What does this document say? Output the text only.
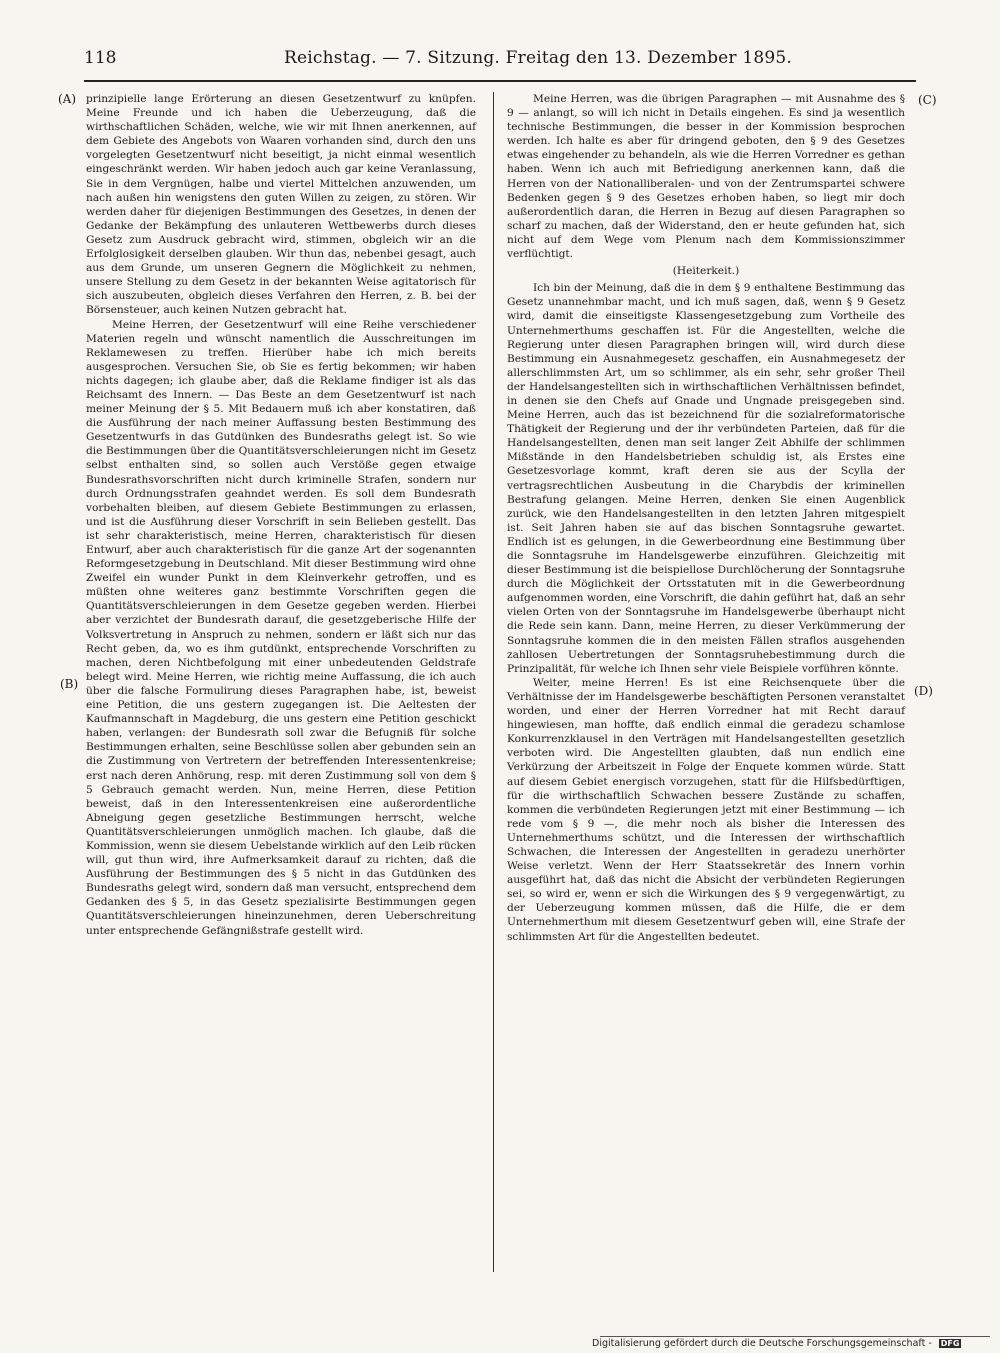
118	Reichstag. — 7. Sitzung. Freitag den 13. Dezember 1895.
(A)
(B)
(C)
(D)

prinzipielle lange Erörterung an diesen Gesetzentwurf zu knüpfen. Meine Freunde und ich haben die Ueberzeugung, daß die wirthschaftlichen Schäden, welche, wie wir mit Ihnen anerkennen, auf dem Gebiete des Angebots von Waaren vorhanden sind, durch den uns vorgelegten Gesetzentwurf nicht beseitigt, ja nicht einmal wesentlich eingeschränkt werden. Wir haben jedoch auch gar keine Veranlassung, Sie in dem Vergnügen, halbe und viertel Mittelchen anzuwenden, um nach außen hin wenigstens den guten Willen zu zeigen, zu stören. Wir werden daher für diejenigen Bestimmungen des Gesetzes, in denen der Gedanke der Bekämpfung des unlauteren Wettbewerbs durch dieses Gesetz zum Ausdruck gebracht wird, stimmen, obgleich wir an die Erfolglosigkeit derselben glauben. Wir thun das, nebenbei gesagt, auch aus dem Grunde, um unseren Gegnern die Möglichkeit zu nehmen, unsere Stellung zu dem Gesetz in der bekannten Weise agitatorisch für sich auszubeuten, obgleich dieses Verfahren den Herren, z. B. bei der Börsensteuer, auch keinen Nutzen gebracht hat.

Meine Herren, der Gesetzentwurf will eine Reihe verschiedener Materien regeln und wünscht namentlich die Ausschreitungen im Reklamewesen zu treffen. Hierüber habe ich mich bereits ausgesprochen. Versuchen Sie, ob Sie es fertig bekommen; wir haben nichts dagegen; ich glaube aber, daß die Reklame findiger ist als das Reichsamt des Innern. — Das Beste an dem Gesetzentwurf ist nach meiner Meinung der § 5. Mit Bedauern muß ich aber konstatiren, daß die Ausführung der nach meiner Auffassung besten Bestimmung des Gesetzentwurfs in das Gutdünken des Bundesraths gelegt ist. So wie die Bestimmungen über die Quantitätsverschleierungen nicht im Gesetz selbst enthalten sind, so sollen auch Verstöße gegen etwaige Bundesrathsvorschriften nicht durch kriminelle Strafen, sondern nur durch Ordnungsstrafen geahndet werden. Es soll dem Bundesrath vorbehalten bleiben, auf diesem Gebiete Bestimmungen zu erlassen, und ist die Ausführung dieser Vorschrift in sein Belieben gestellt. Das ist sehr charakteristisch, meine Herren, charakteristisch für diesen Entwurf, aber auch charakteristisch für die ganze Art der sogenannten Reformgesetzgebung in Deutschland. Mit dieser Bestimmung wird ohne Zweifel ein wunder Punkt in dem Kleinverkehr getroffen, und es müßten ohne weiteres ganz bestimmte Vorschriften gegen die Quantitätsverschleierungen in dem Gesetze gegeben werden. Hierbei aber verzichtet der Bundesrath darauf, die gesetzgeberische Hilfe der Volksvertretung in Anspruch zu nehmen, sondern er läßt sich nur das Recht geben, da, wo es ihm gutdünkt, entsprechende Vorschriften zu machen, deren Nichtbefolgung mit einer unbedeutenden Geldstrafe belegt wird. Meine Herren, wie richtig meine Auffassung, die ich auch über die falsche Formulirung dieses Paragraphen habe, ist, beweist eine Petition, die uns gestern zugegangen ist. Die Aeltesten der Kaufmannschaft in Magdeburg, die uns gestern eine Petition geschickt haben, verlangen: der Bundesrath soll zwar die Befugniß für solche Bestimmungen erhalten, seine Beschlüsse sollen aber gebunden sein an die Zustimmung von Vertretern der betreffenden Interessentenkreise; erst nach deren Anhörung, resp. mit deren Zustimmung soll von dem § 5 Gebrauch gemacht werden. Nun, meine Herren, diese Petition beweist, daß in den Interessentenkreisen eine außerordentliche Abneigung gegen gesetzliche Bestimmungen herrscht, welche Quantitätsverschleierungen unmöglich machen. Ich glaube, daß die Kommission, wenn sie diesem Uebelstande wirklich auf den Leib rücken will, gut thun wird, ihre Aufmerksamkeit darauf zu richten, daß die Ausführung der Bestimmungen des § 5 nicht in das Gutdünken des Bundesraths gelegt wird, sondern daß man versucht, entsprechend dem Gedanken des § 5, in das Gesetz spezialisirte Bestimmungen gegen Quantitätsverschleierungen hineinzunehmen, deren Ueberschreitung unter entsprechende Gefängnißstrafe gestellt wird.

Meine Herren, was die übrigen Paragraphen — mit Ausnahme des § 9 — anlangt, so will ich nicht in Details eingehen. Es sind ja wesentlich technische Bestimmungen, die besser in der Kommission besprochen werden. Ich halte es aber für dringend geboten, den § 9 des Gesetzes etwas eingehender zu behandeln, als wie die Herren Vorredner es gethan haben. Wenn ich auch mit Befriedigung anerkennen kann, daß die Herren von der Nationalliberalen- und von der Zentrumspartei schwere Bedenken gegen § 9 des Gesetzes erhoben haben, so liegt mir doch außerordentlich daran, die Herren in Bezug auf diesen Paragraphen so scharf zu machen, daß der Widerstand, den er heute gefunden hat, sich nicht auf dem Wege vom Plenum nach dem Kommissionszimmer verflüchtigt.

(Heiterkeit.)

Ich bin der Meinung, daß die in dem § 9 enthaltene Bestimmung das Gesetz unannehmbar macht, und ich muß sagen, daß, wenn § 9 Gesetz wird, damit die einseitigste Klassengesetzgebung zum Vortheile des Unternehmerthums geschaffen ist. Für die Angestellten, welche die Regierung unter diesen Paragraphen bringen will, wird durch diese Bestimmung ein Ausnahmegesetz geschaffen, ein Ausnahmegesetz der allerschlimmsten Art, um so schlimmer, als ein sehr, sehr großer Theil der Handelsangestellten sich in wirthschaftlichen Verhältnissen befindet, in denen sie den Chefs auf Gnade und Ungnade preisgegeben sind. Meine Herren, auch das ist bezeichnend für die sozialreformatorische Thätigkeit der Regierung und der ihr verbündeten Parteien, daß für die Handelsangestellten, denen man seit langer Zeit Abhilfe der schlimmen Mißstände in den Handelsbetrieben schuldig ist, als Erstes eine Gesetzesvorlage kommt, kraft deren sie aus der Scylla der vertragsrechtlichen Ausbeutung in die Charybdis der kriminellen Bestrafung gelangen. Meine Herren, denken Sie einen Augenblick zurück, wie den Handelsangestellten in den letzten Jahren mitgespielt ist. Seit Jahren haben sie auf das bischen Sonntagsruhe gewartet. Endlich ist es gelungen, in die Gewerbeordnung eine Bestimmung über die Sonntagsruhe im Handelsgewerbe einzuführen. Gleichzeitig mit dieser Bestimmung ist die beispiellose Durchlöcherung der Sonntagsruhe durch die Möglichkeit der Ortsstatuten mit in die Gewerbeordnung aufgenommen worden, eine Vorschrift, die dahin geführt hat, daß an sehr vielen Orten von der Sonntagsruhe im Handelsgewerbe überhaupt nicht die Rede sein kann. Dann, meine Herren, zu dieser Verkümmerung der Sonntagsruhe kommen die in den meisten Fällen straflos ausgehenden zahllosen Uebertretungen der Sonntagsruhebestimmung durch die Prinzipalität, für welche ich Ihnen sehr viele Beispiele vorführen könnte.

Weiter, meine Herren! Es ist eine Reichsenquete über die Verhältnisse der im Handelsgewerbe beschäftigten Personen veranstaltet worden, und einer der Herren Vorredner hat mit Recht darauf hingewiesen, man hoffte, daß endlich einmal die geradezu schamlose Konkurrenzklausel in den Verträgen mit Handelsangestellten gesetzlich verboten wird. Die Angestellten glaubten, daß nun endlich eine Verkürzung der Arbeitszeit in Folge der Enquete kommen würde. Statt auf diesem Gebiet energisch vorzugehen, statt für die Hilfsbedürftigen, für die wirthschaftlich Schwachen bessere Zustände zu schaffen, kommen die verbündeten Regierungen jetzt mit einer Bestimmung — ich rede vom § 9 —, die mehr noch als bisher die Interessen des Unternehmerthums schützt, und die Interessen der wirthschaftlich Schwachen, die Interessen der Angestellten in geradezu unerhörter Weise verletzt. Wenn der Herr Staatssekretär des Innern vorhin ausgeführt hat, daß das nicht die Absicht der verbündeten Regierungen sei, so wird er, wenn er sich die Wirkungen des § 9 vergegenwärtigt, zu der Ueberzeugung kommen müssen, daß die Hilfe, die er dem Unternehmerthum mit diesem Gesetzentwurf geben will, eine Strafe der schlimmsten Art für die Angestellten bedeutet.

Digitalisierung gefördert durch die Deutsche Forschungsgemeinschaft - DFG
